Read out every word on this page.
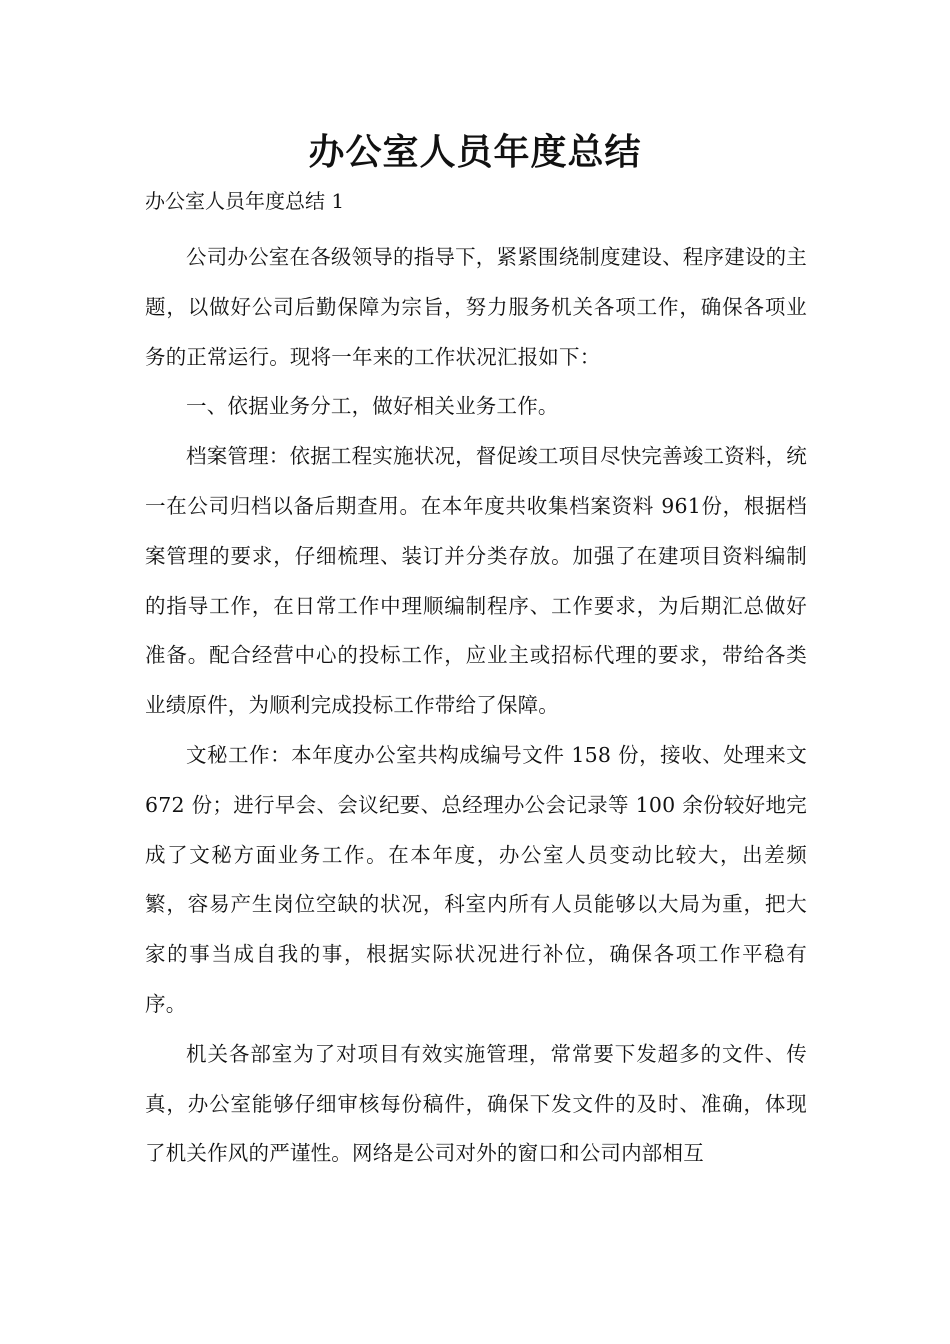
办公室人员年度总结

办公室人员年度总结 1

公司办公室在各级领导的指导下，紧紧围绕制度建设、程序建设的主题，以做好公司后勤保障为宗旨，努力服务机关各项工作，确保各项业务的正常运行。现将一年来的工作状况汇报如下：

一、依据业务分工，做好相关业务工作。

档案管理：依据工程实施状况，督促竣工项目尽快完善竣工资料，统一在公司归档以备后期查用。在本年度共收集档案资料 961份，根据档案管理的要求，仔细梳理、装订并分类存放。加强了在建项目资料编制的指导工作，在日常工作中理顺编制程序、工作要求，为后期汇总做好准备。配合经营中心的投标工作，应业主或招标代理的要求，带给各类业绩原件，为顺利完成投标工作带给了保障。

文秘工作：本年度办公室共构成编号文件 158 份，接收、处理来文 672 份；进行早会、会议纪要、总经理办公会记录等 100 余份较好地完成了文秘方面业务工作。在本年度，办公室人员变动比较大，出差频繁，容易产生岗位空缺的状况，科室内所有人员能够以大局为重，把大家的事当成自我的事，根据实际状况进行补位，确保各项工作平稳有序。

机关各部室为了对项目有效实施管理，常常要下发超多的文件、传真，办公室能够仔细审核每份稿件，确保下发文件的及时、准确，体现了机关作风的严谨性。网络是公司对外的窗口和公司内部相互
